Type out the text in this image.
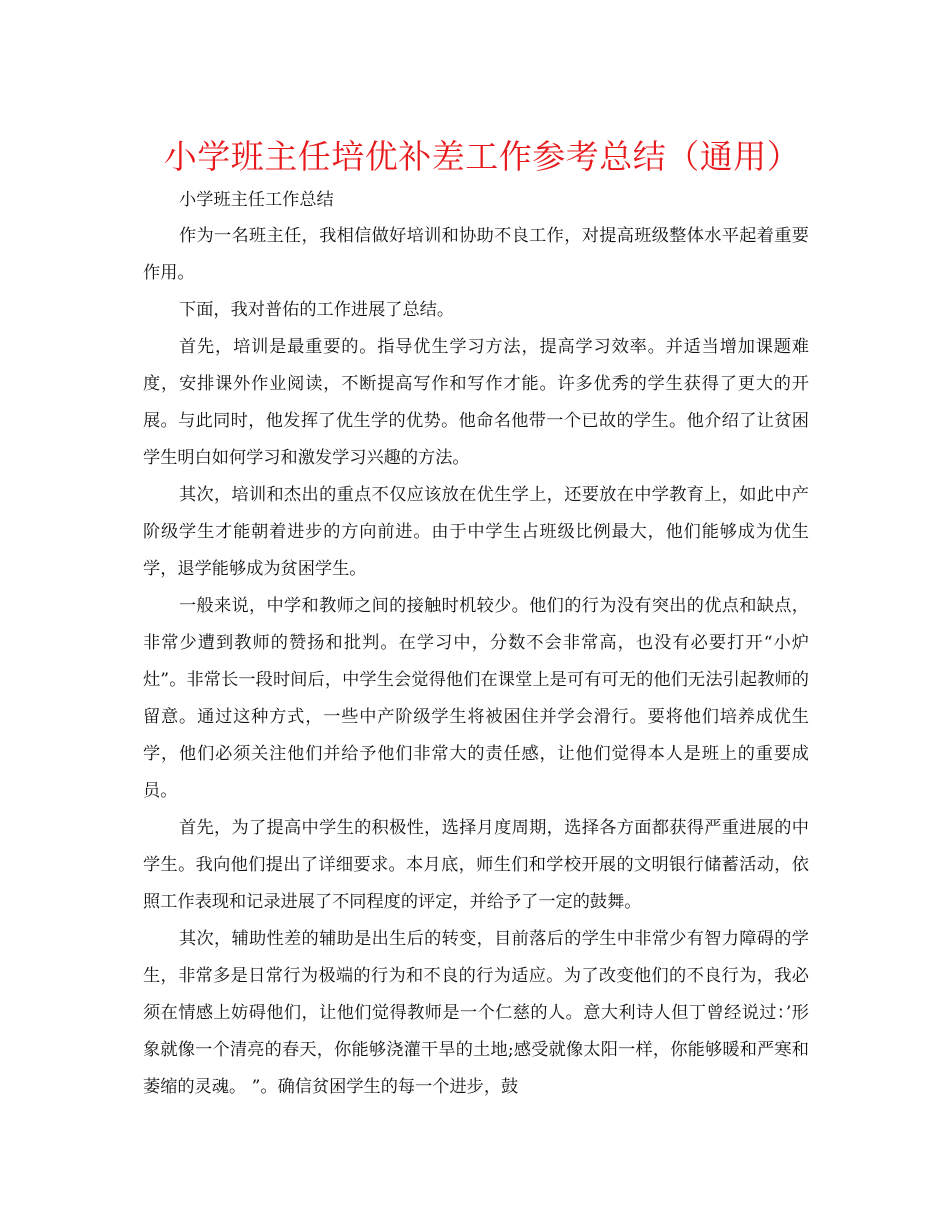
小学班主任培优补差工作参考总结（通用）

小学班主任工作总结

作为一名班主任，我相信做好培训和协助不良工作，对提高班级整体水平起着重要作用。

下面，我对普佑的工作进展了总结。

首先，培训是最重要的。指导优生学习方法，提高学习效率。并适当增加课题难度，安排课外作业阅读，不断提高写作和写作才能。许多优秀的学生获得了更大的开展。与此同时，他发挥了优生学的优势。他命名他带一个已故的学生。他介绍了让贫困学生明白如何学习和激发学习兴趣的方法。

其次，培训和杰出的重点不仅应该放在优生学上，还要放在中学教育上，如此中产阶级学生才能朝着进步的方向前进。由于中学生占班级比例最大，他们能够成为优生学，退学能够成为贫困学生。

一般来说，中学和教师之间的接触时机较少。他们的行为没有突出的优点和缺点，非常少遭到教师的赞扬和批判。在学习中，分数不会非常高，也没有必要打开“小炉灶”。非常长一段时间后，中学生会觉得他们在课堂上是可有可无的他们无法引起教师的留意。通过这种方式，一些中产阶级学生将被困住并学会滑行。要将他们培养成优生学，他们必须关注他们并给予他们非常大的责任感，让他们觉得本人是班上的重要成员。

首先，为了提高中学生的积极性，选择月度周期，选择各方面都获得严重进展的中学生。我向他们提出了详细要求。本月底，师生们和学校开展的文明银行储蓄活动，依照工作表现和记录进展了不同程度的评定，并给予了一定的鼓舞。

其次，辅助性差的辅助是出生后的转变，目前落后的学生中非常少有智力障碍的学生，非常多是日常行为极端的行为和不良的行为适应。为了改变他们的不良行为，我必须在情感上妨碍他们，让他们觉得教师是一个仁慈的人。意大利诗人但丁曾经说过：’形象就像一个清亮的春天，你能够浇灌干旱的土地;感受就像太阳一样，你能够暖和严寒和萎缩的灵魂。 ”。确信贫困学生的每一个进步，鼓
